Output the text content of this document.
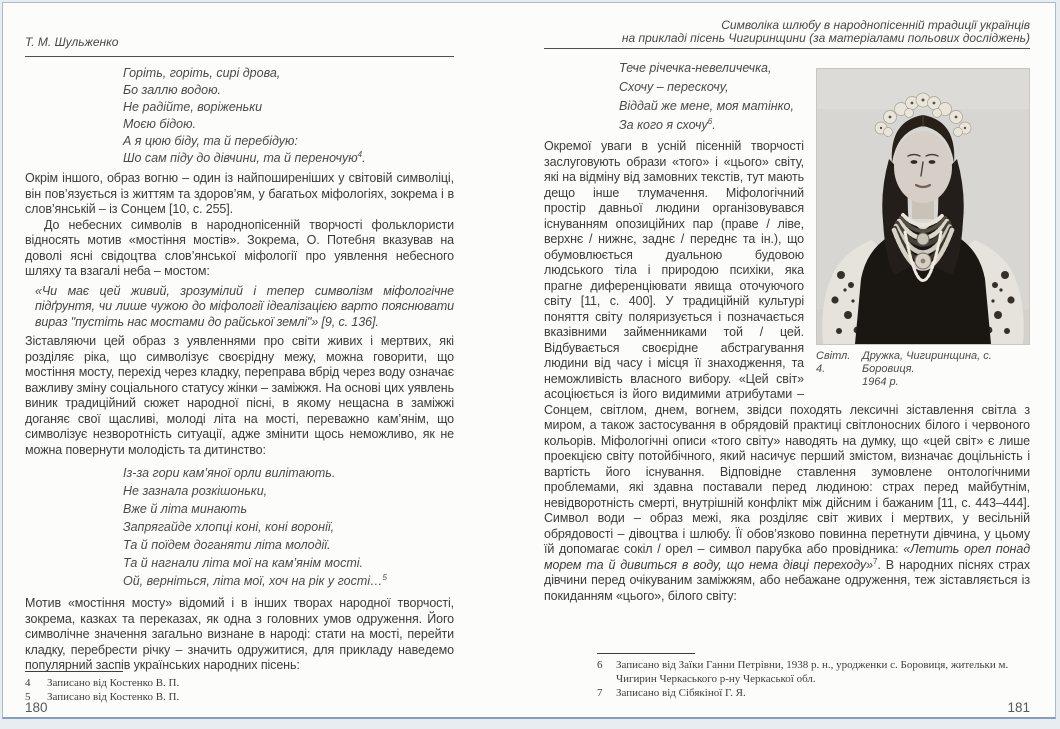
Т. М. Шульженко
Горіть, горіть, сирі дрова,
Бо заллю водою.
Не радійте, воріженьки
Моєю бідою.
А я цюю біду, та й перебідую:
Шо сам піду до дівчини, та й переночую$^4$.

Окрім іншого, образ вогню – один із найпоширеніших у світовій символіці, він пов’язується із життям та здоров’ям, у багатьох міфологіях, зокрема і в слов’янській – із Сонцем [10, с. 255].

До небесних символів в народнопісенній творчості фольклористи відносять мотив «мостіння мостів». Зокрема, О. Потебня вказував на доволі ясні свідоцтва слов’янської міфології про уявлення небесного шляху та взагалі неба – мостом:

«Чи має цей живий, зрозумілий і тепер символізм міфологічне підґрунтя, чи лише чужою до міфології ідеалізацією варто пояснювати вираз "пустіть нас мостами до райської землі"» [9, с. 136].

Зіставляючи цей образ з уявленнями про світи живих і мертвих, які розділяє ріка, що символізує своєрідну межу, можна говорити, що мостіння мосту, перехід через кладку, переправа вбрід через воду означає важливу зміну соціального статусу жінки – заміжжя. На основі цих уявлень виник традиційний сюжет народної пісні, в якому нещасна в заміжжі доганяє свої щасливі, молоді літа на мості, переважно кам’янім, що символізує незворотність ситуації, адже змінити щось неможливо, як не можна повернути молодість та дитинство:

Із-за гори кам’яної орли вилітають.
Не зазнала розкішоньки,
Вже й літа минають
Запрягайде хлопці коні, коні воронії,
Та й поїдем доганяти літа молодії.
Та й нагнали літа мої на кам’янім мості.
Ой, верніться, літа мої, хоч на рік у гості…$^5$

Мотив «мостіння мосту» відомий і в інших творах народної творчості, зокрема, казках та переказах, як одна з головних умов одруження. Його символічне значення загально визнане в народі: стати на мості, перейти кладку, перебрести річку – значить одружитися, для прикладу наведемо популярний заспів українських народних пісень:

4 Записано від Костенко В. П.
5 Записано від Костенко В. П.
180
Символіка шлюбу в народнопісенній традиції українців
на прикладі пісень Чигиринщини (за матеріалами польових досліджень)
Світл. 4.
Дружка, Чигиринщина, с. Боровиця.
1964 р.
Тече річечка-невеличечка,
Схочу – перескочу,
Віддай же мене, моя матінко,
За кого я схочу$^6$.

Окремої уваги в усній пісенній творчості заслуговують образи «того» і «цього» світу, які на відміну від замовних текстів, тут мають дещо інше тлумачення. Міфологічний простір давньої людини організовувався існуванням опозиційних пар (праве / ліве, верхнє / нижнє, заднє / переднє та ін.), що обумовлюється дуальною будовою людського тіла і природою психіки, яка прагне диференціювати явища оточуючого світу [11, с. 400]. У традиційній культурі поняття світу поляризується і позначається вказівними займенниками той / цей. Відбувається своєрідне абстрагування людини від часу і місця її знаходження, та неможливість власного вибору. «Цей світ» асоціюється із його видимими атрибутами – Сонцем, світлом, днем, вогнем, звідси походять лексичні зіставлення світла з миром, а також застосування в обрядовій практиці світлоносних білого і червоного кольорів. Міфологічні описи «того світу» наводять на думку, що «цей світ» є лише проекцією світу потойбічного, який насичує перший змістом, визначає доцільність і вартість його існування. Відповідне ставлення зумовлене онтологічними проблемами, які здавна поставали перед людиною: страх перед майбутнім, невідворотність смерті, внутрішній конфлікт між дійсним і бажаним [11, с. 443–444]. Символ води – образ межі, яка розділяє світ живих і мертвих, у весільній обрядовості – дівоцтва і шлюбу. Її обов’язково повинна перетнути дівчина, у цьому їй допомагає сокіл / орел – символ парубка або провідника: «Летить орел понад морем та й дивиться в воду, що нема дівці переходу»$^7$. В народних піснях страх дівчини перед очікуваним заміжжям, або небажане одруження, теж зіставляється із покиданням «цього», білого світу:

6 Записано від Заїки Ганни Петрівни, 1938 р. н., уродженки с. Боровиця, жительки м. Чигирин Черкаського р-ну Черкаської обл.
7 Записано від Сібякіної Г. Я.
181
